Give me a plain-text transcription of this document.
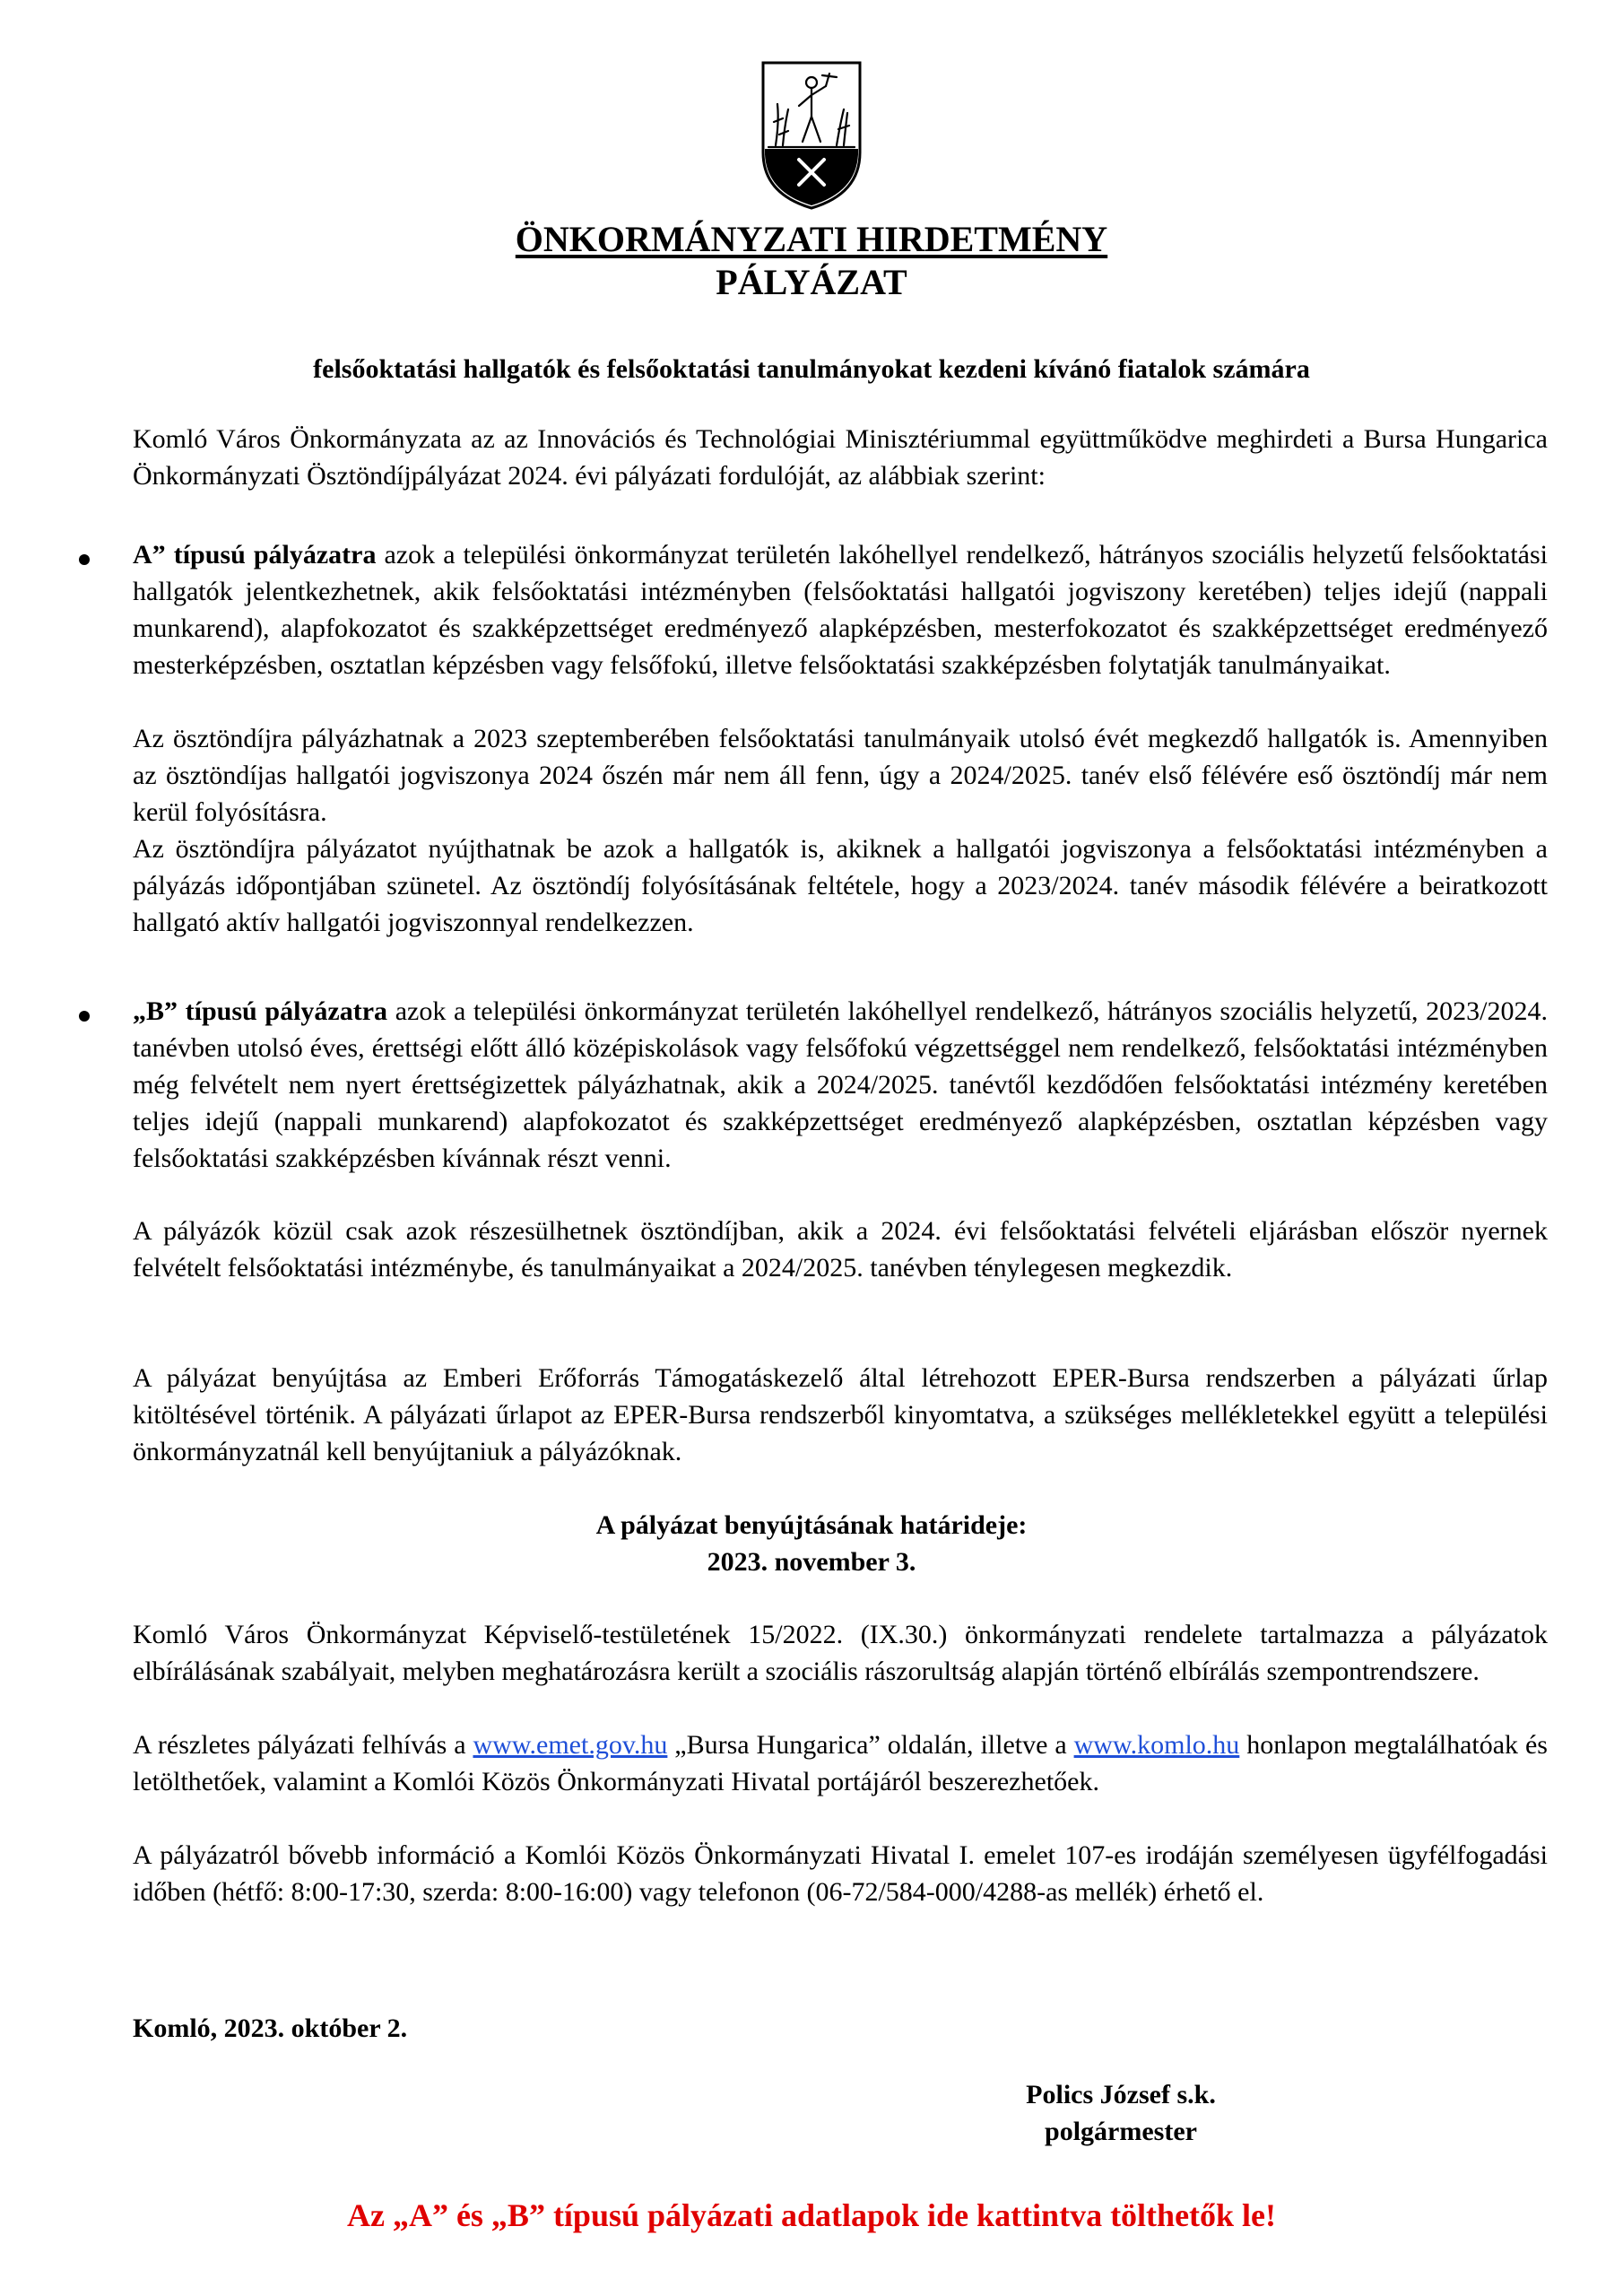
ÖNKORMÁNYZATI HIRDETMÉNY

PÁLYÁZAT

felsőoktatási hallgatók és felsőoktatási tanulmányokat kezdeni kívánó fiatalok számára

Komló Város Önkormányzata az az Innovációs és Technológiai Minisztériummal együttműködve meghirdeti a Bursa Hungarica Önkormányzati Ösztöndíjpályázat 2024. évi pályázati fordulóját, az alábbiak szerint:

A” típusú pályázatra azok a települési önkormányzat területén lakóhellyel rendelkező, hátrányos szociális helyzetű felsőoktatási hallgatók jelentkezhetnek, akik felsőoktatási intézményben (felsőoktatási hallgatói jogviszony keretében) teljes idejű (nappali munkarend), alapfokozatot és szakképzettséget eredményező alapképzésben, mesterfokozatot és szakképzettséget eredményező mesterképzésben, osztatlan képzésben vagy felsőfokú, illetve felsőoktatási szakképzésben folytatják tanulmányaikat.

Az ösztöndíjra pályázhatnak a 2023 szeptemberében felsőoktatási tanulmányaik utolsó évét megkezdő hallgatók is. Amennyiben az ösztöndíjas hallgatói jogviszonya 2024 őszén már nem áll fenn, úgy a 2024/2025. tanév első félévére eső ösztöndíj már nem kerül folyósításra.

Az ösztöndíjra pályázatot nyújthatnak be azok a hallgatók is, akiknek a hallgatói jogviszonya a felsőoktatási intézményben a pályázás időpontjában szünetel. Az ösztöndíj folyósításának feltétele, hogy a 2023/2024. tanév második félévére a beiratkozott hallgató aktív hallgatói jogviszonnyal rendelkezzen.

„B” típusú pályázatra azok a települési önkormányzat területén lakóhellyel rendelkező, hátrányos szociális helyzetű, 2023/2024. tanévben utolsó éves, érettségi előtt álló középiskolások vagy felsőfokú végzettséggel nem rendelkező, felsőoktatási intézményben még felvételt nem nyert érettségizettek pályázhatnak, akik a 2024/2025. tanévtől kezdődően felsőoktatási intézmény keretében teljes idejű (nappali munkarend) alapfokozatot és szakképzettséget eredményező alapképzésben, osztatlan képzésben vagy felsőoktatási szakképzésben kívánnak részt venni.

A pályázók közül csak azok részesülhetnek ösztöndíjban, akik a 2024. évi felsőoktatási felvételi eljárásban először nyernek felvételt felsőoktatási intézménybe, és tanulmányaikat a 2024/2025. tanévben ténylegesen megkezdik.

A pályázat benyújtása az Emberi Erőforrás Támogatáskezelő által létrehozott EPER-Bursa rendszerben a pályázati űrlap kitöltésével történik. A pályázati űrlapot az EPER-Bursa rendszerből kinyomtatva, a szükséges mellékletekkel együtt a települési önkormányzatnál kell benyújtaniuk a pályázóknak.

A pályázat benyújtásának határideje:

2023. november 3.

Komló Város Önkormányzat Képviselő-testületének 15/2022. (IX.30.) önkormányzati rendelete tartalmazza a pályázatok elbírálásának szabályait, melyben meghatározásra került a szociális rászorultság alapján történő elbírálás szempontrendszere.

A részletes pályázati felhívás a www.emet.gov.hu „Bursa Hungarica” oldalán, illetve a www.komlo.hu honlapon megtalálhatóak és letölthetőek, valamint a Komlói Közös Önkormányzati Hivatal portájáról beszerezhetőek.

A pályázatról bővebb információ a Komlói Közös Önkormányzati Hivatal I. emelet 107-es irodáján személyesen ügyfélfogadási időben (hétfő: 8:00-17:30, szerda: 8:00-16:00) vagy telefonon (06-72/584-000/4288-as mellék) érhető el.

Komló, 2023. október 2.

Polics József s.k.

polgármester

Az „A” és „B” típusú pályázati adatlapok ide kattintva tölthetők le!
